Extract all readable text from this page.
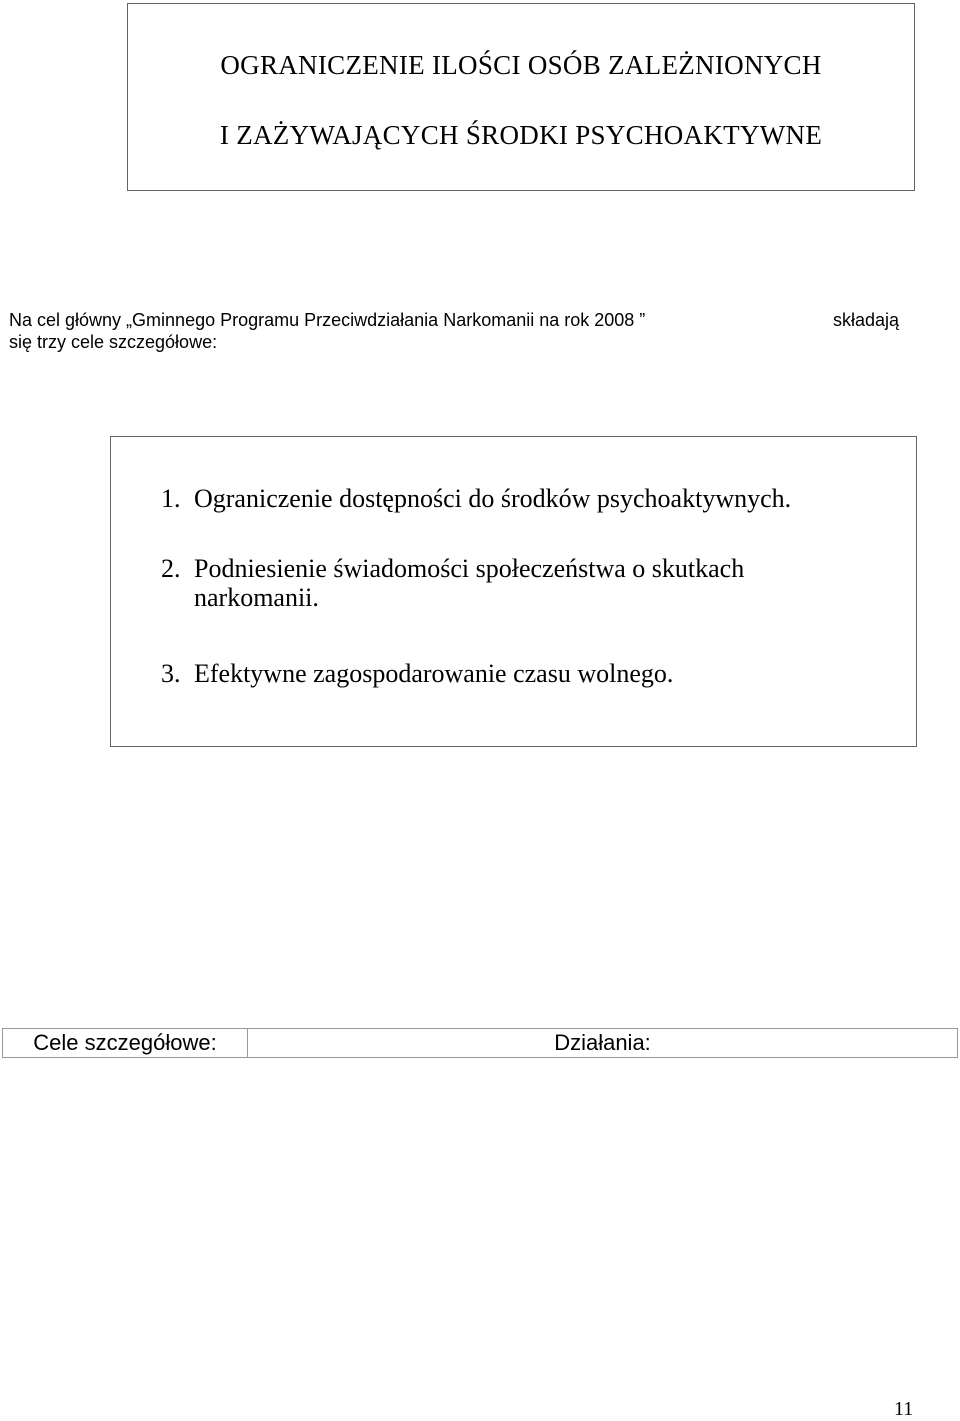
OGRANICZENIE ILOŚCI OSÓB ZALEŻNIONYCH
I ZAŻYWAJĄCYCH ŚRODKI PSYCHOAKTYWNE
Na cel główny „Gminnego Programu Przeciwdziałania Narkomanii na rok 2008 ”	składają
się trzy cele szczegółowe:
1. Ograniczenie dostępności do środków psychoaktywnych.
2. Podniesienie świadomości społeczeństwa o skutkach
narkomanii.
3. Efektywne zagospodarowanie czasu wolnego.
Cele szczegółowe:	Działania:
11
